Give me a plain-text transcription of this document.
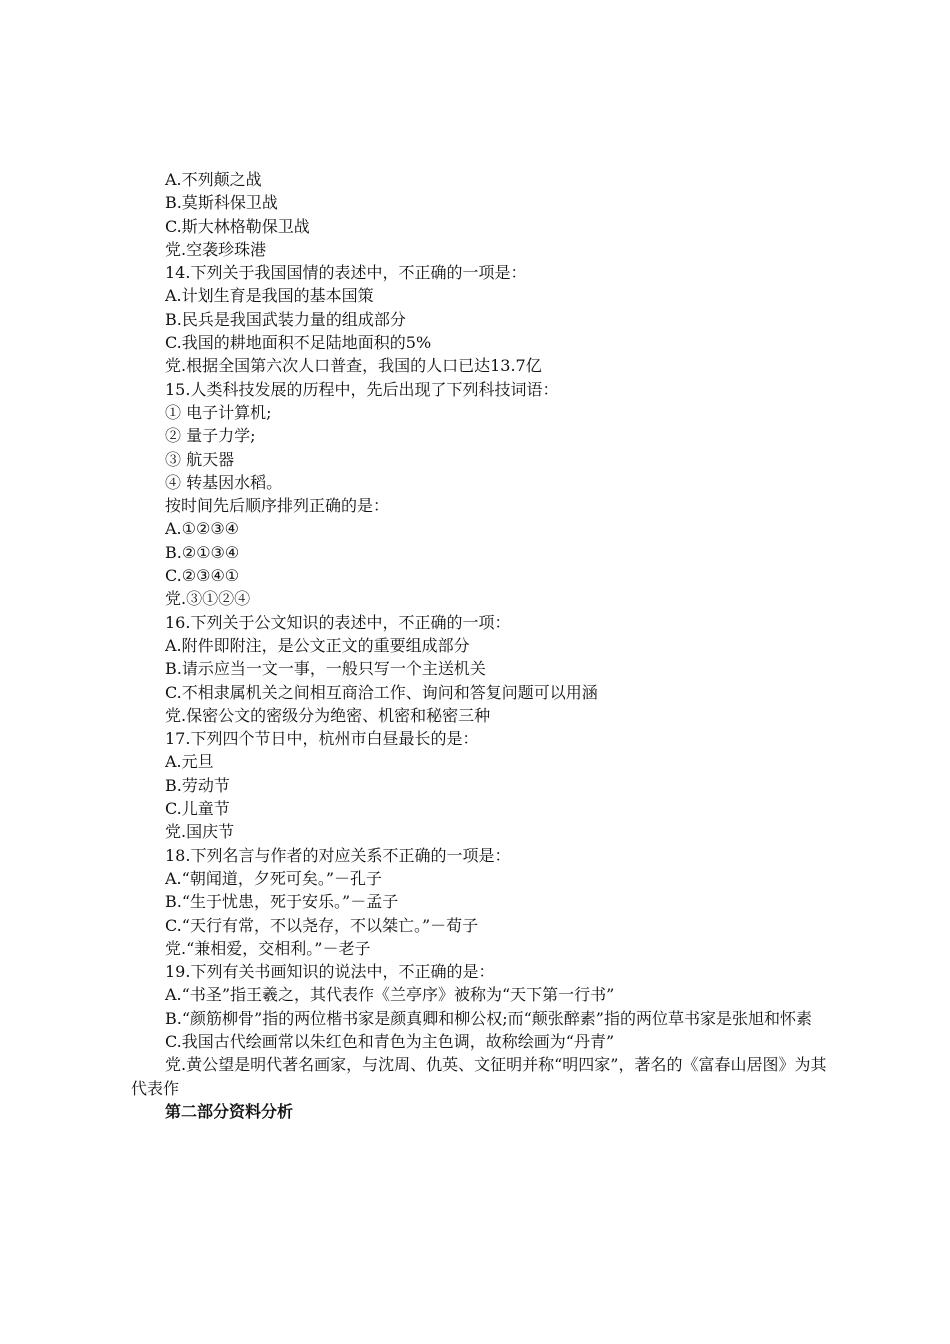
A.不列颠之战
B.莫斯科保卫战
C.斯大林格勒保卫战
党.空袭珍珠港
14.下列关于我国国情的表述中，不正确的一项是：
A.计划生育是我国的基本国策
B.民兵是我国武装力量的组成部分
C.我国的耕地面积不足陆地面积的5%
党.根据全国第六次人口普查，我国的人口已达13.7亿
15.人类科技发展的历程中，先后出现了下列科技词语：
① 电子计算机;
② 量子力学;
③ 航天器
④ 转基因水稻。
按时间先后顺序排列正确的是：
A.①②③④
B.②①③④
C.②③④①
党.③①②④
16.下列关于公文知识的表述中，不正确的一项：
A.附件即附注，是公文正文的重要组成部分
B.请示应当一文一事，一般只写一个主送机关
C.不相隶属机关之间相互商洽工作、询问和答复问题可以用涵
党.保密公文的密级分为绝密、机密和秘密三种
17.下列四个节日中，杭州市白昼最长的是：
A.元旦
B.劳动节
C.儿童节
党.国庆节
18.下列名言与作者的对应关系不正确的一项是：
A.“朝闻道，夕死可矣。”－孔子
B.“生于忧患，死于安乐。”－孟子
C.“天行有常，不以尧存，不以桀亡。”－荀子
党.“兼相爱，交相利。”－老子
19.下列有关书画知识的说法中，不正确的是：
A.“书圣”指王羲之，其代表作《兰亭序》被称为“天下第一行书”
B.“颜筋柳骨”指的两位楷书家是颜真卿和柳公权;而“颠张醉素”指的两位草书家是张旭和怀素
C.我国古代绘画常以朱红色和青色为主色调，故称绘画为“丹青”
党.黄公望是明代著名画家，与沈周、仇英、文征明并称“明四家”，著名的《富春山居图》为其代表作
第二部分资料分析
